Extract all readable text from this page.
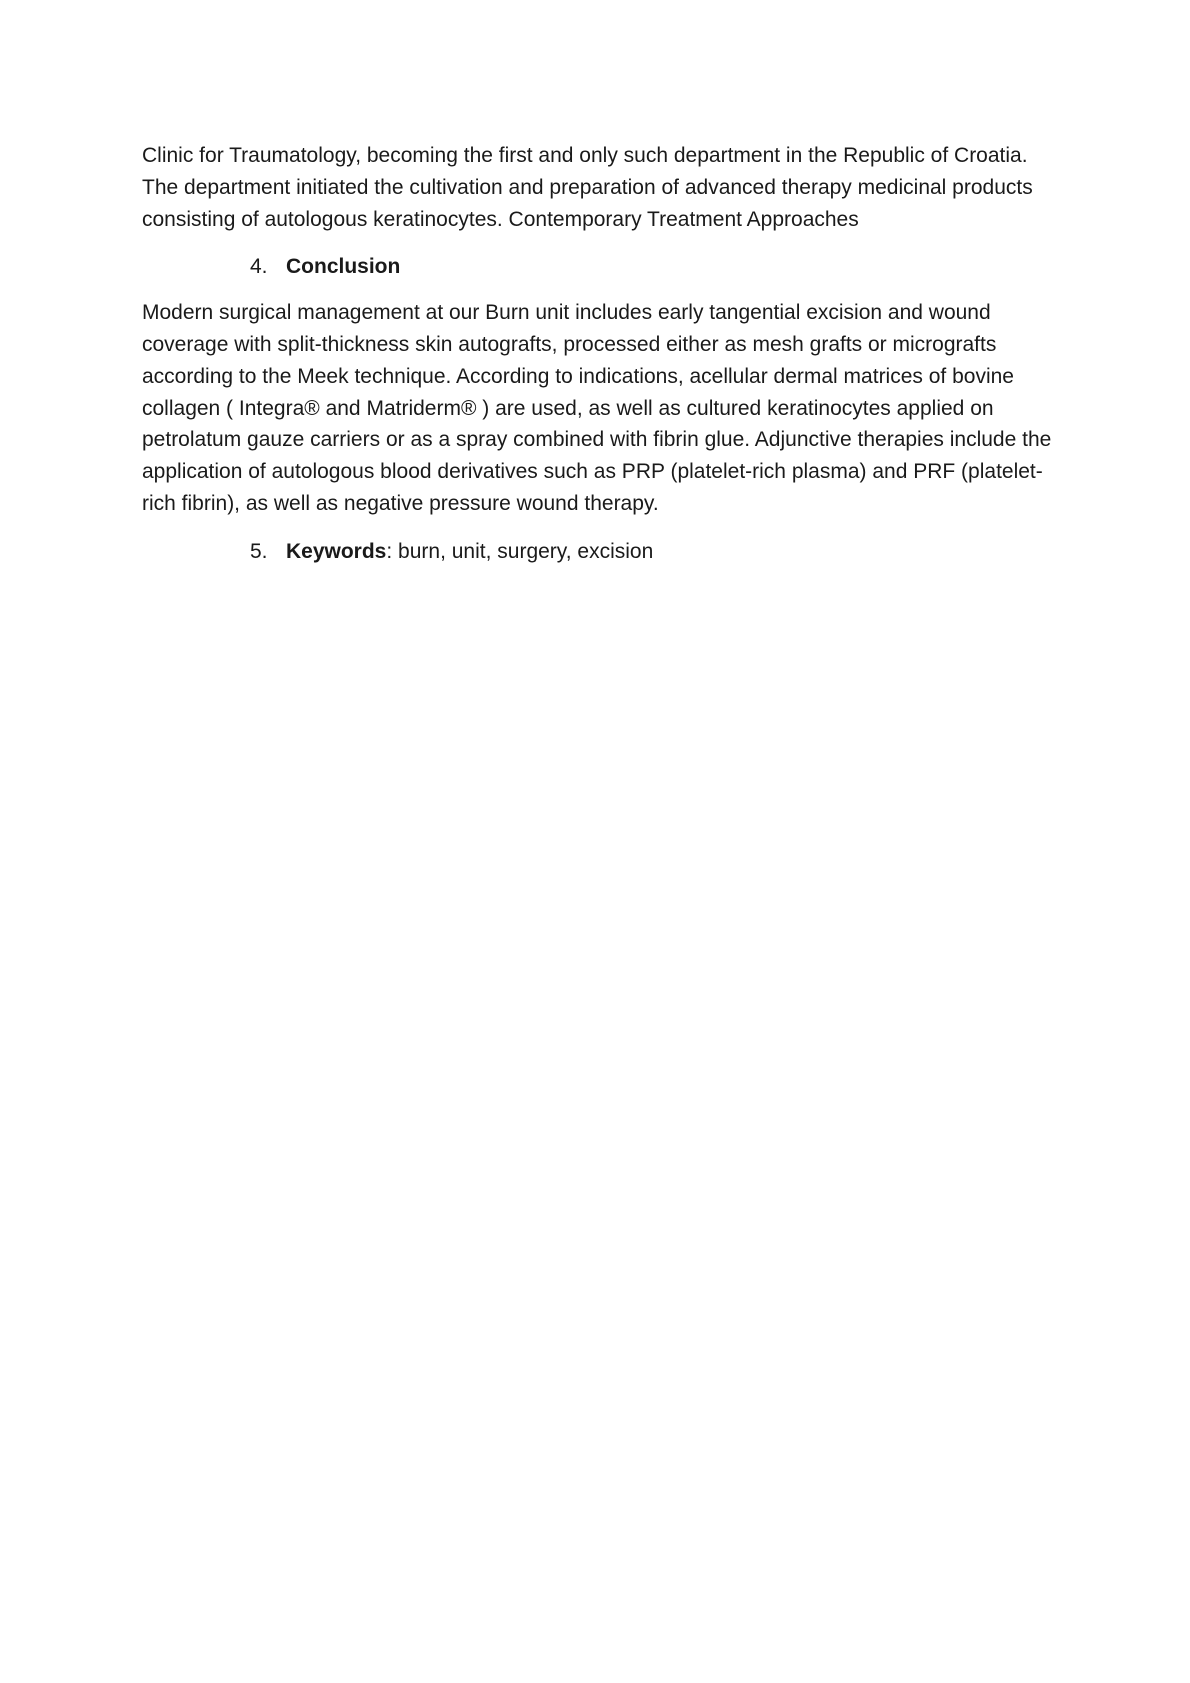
Clinic for Traumatology, becoming the first and only such department in the Republic of Croatia. The department initiated the cultivation and preparation of advanced therapy medicinal products consisting of autologous keratinocytes. Contemporary Treatment Approaches

4. Conclusion

Modern surgical management at our Burn unit includes early tangential excision and wound coverage with split-thickness skin autografts, processed either as mesh grafts or micrografts according to the Meek technique. According to indications, acellular dermal matrices of bovine collagen ( Integra® and Matriderm® ) are used, as well as cultured keratinocytes applied on petrolatum gauze carriers or as a spray combined with fibrin glue. Adjunctive therapies include the application of autologous blood derivatives such as PRP (platelet-rich plasma) and PRF (platelet-rich fibrin), as well as negative pressure wound therapy.

5. Keywords: burn, unit, surgery, excision
